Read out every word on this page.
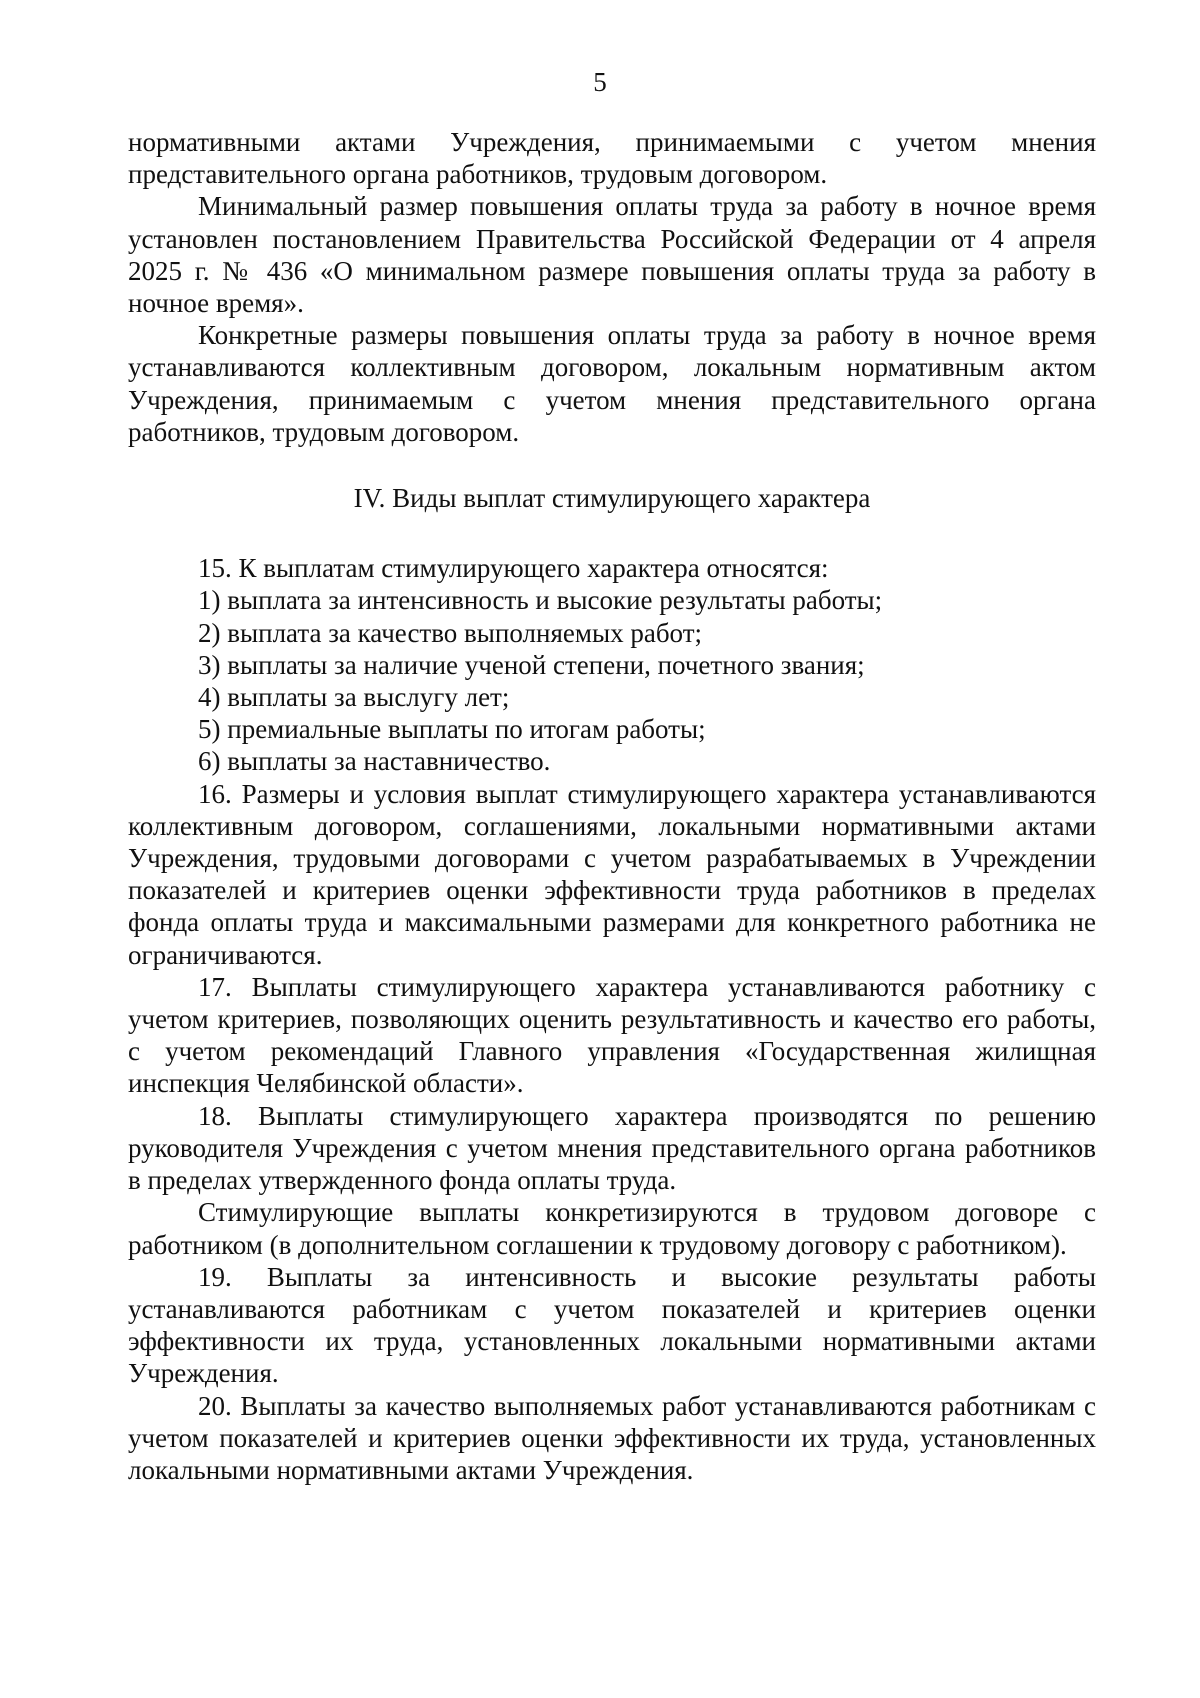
5

нормативными актами Учреждения, принимаемыми с учетом мнения представительного органа работников, трудовым договором.

Минимальный размер повышения оплаты труда за работу в ночное время установлен постановлением Правительства Российской Федерации от 4 апреля 2025 г. № 436 «О минимальном размере повышения оплаты труда за работу в ночное время».

Конкретные размеры повышения оплаты труда за работу в ночное время устанавливаются коллективным договором, локальным нормативным актом Учреждения, принимаемым с учетом мнения представительного органа работников, трудовым договором.

IV. Виды выплат стимулирующего характера

15. К выплатам стимулирующего характера относятся:

1) выплата за интенсивность и высокие результаты работы;

2) выплата за качество выполняемых работ;

3) выплаты за наличие ученой степени, почетного звания;

4) выплаты за выслугу лет;

5) премиальные выплаты по итогам работы;

6) выплаты за наставничество.

16. Размеры и условия выплат стимулирующего характера устанавливаются коллективным договором, соглашениями, локальными нормативными актами Учреждения, трудовыми договорами с учетом разрабатываемых в Учреждении показателей и критериев оценки эффективности труда работников в пределах фонда оплаты труда и максимальными размерами для конкретного работника не ограничиваются.

17. Выплаты стимулирующего характера устанавливаются работнику с учетом критериев, позволяющих оценить результативность и качество его работы, с учетом рекомендаций Главного управления «Государственная жилищная инспекция Челябинской области».

18. Выплаты стимулирующего характера производятся по решению руководителя Учреждения с учетом мнения представительного органа работников в пределах утвержденного фонда оплаты труда.

Стимулирующие выплаты конкретизируются в трудовом договоре с работником (в дополнительном соглашении к трудовому договору с работником).

19. Выплаты за интенсивность и высокие результаты работы устанавливаются работникам с учетом показателей и критериев оценки эффективности их труда, установленных локальными нормативными актами Учреждения.

20. Выплаты за качество выполняемых работ устанавливаются работникам с учетом показателей и критериев оценки эффективности их труда, установленных локальными нормативными актами Учреждения.
